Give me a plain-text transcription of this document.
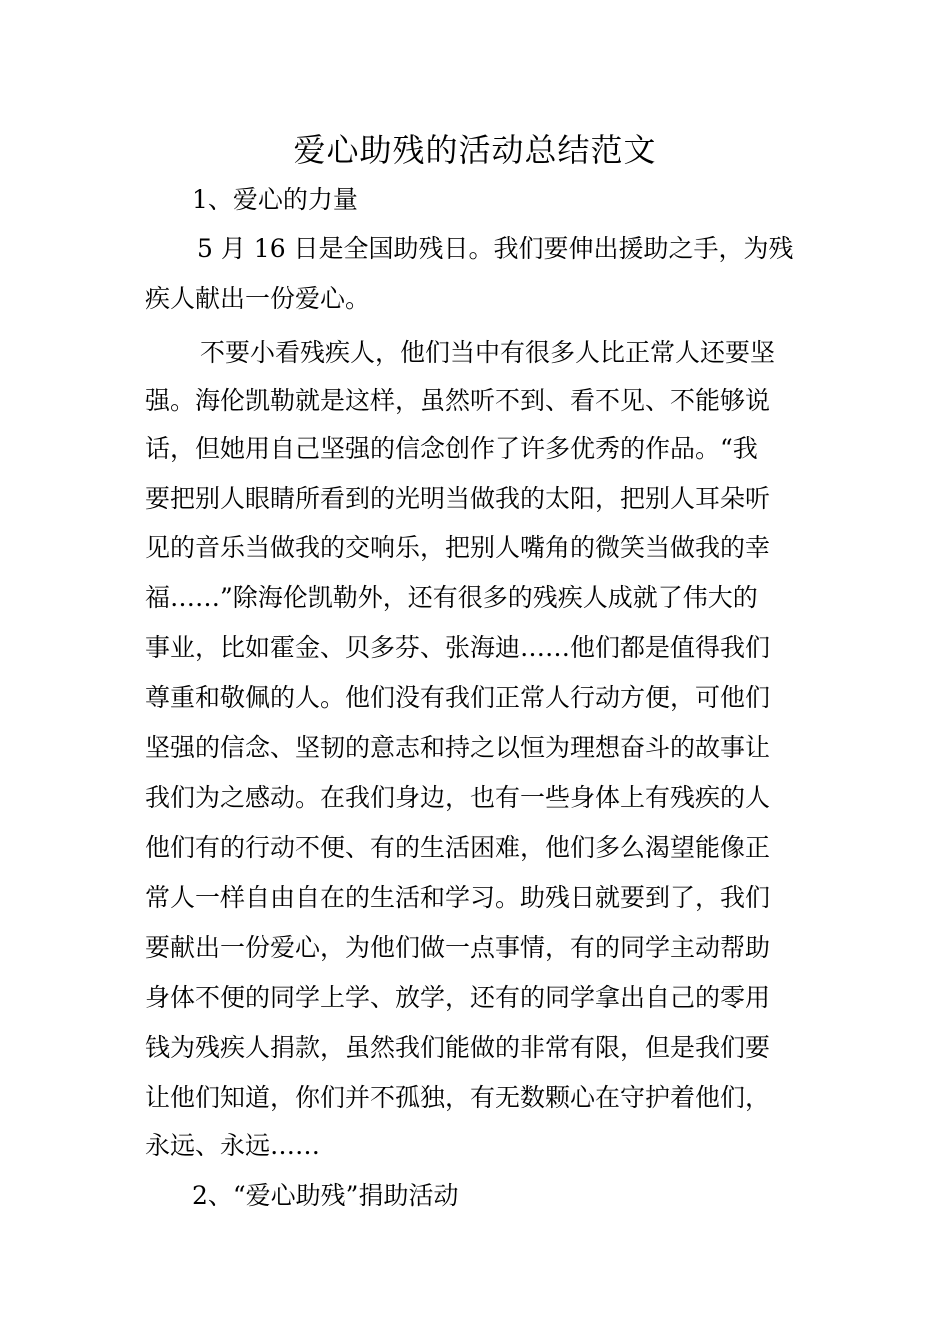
爱心助残的活动总结范文
1、爱心的力量
5 月 16 日是全国助残日。我们要伸出援助之手，为残
疾人献出一份爱心。
不要小看残疾人，他们当中有很多人比正常人还要坚
强。海伦凯勒就是这样，虽然听不到、看不见、不能够说
话，但她用自己坚强的信念创作了许多优秀的作品。“我
要把别人眼睛所看到的光明当做我的太阳，把别人耳朵听
见的音乐当做我的交响乐，把别人嘴角的微笑当做我的幸
福……”除海伦凯勒外，还有很多的残疾人成就了伟大的
事业，比如霍金、贝多芬、张海迪……他们都是值得我们
尊重和敬佩的人。他们没有我们正常人行动方便，可他们
坚强的信念、坚韧的意志和持之以恒为理想奋斗的故事让
我们为之感动。在我们身边，也有一些身体上有残疾的人
他们有的行动不便、有的生活困难，他们多么渴望能像正
常人一样自由自在的生活和学习。助残日就要到了，我们
要献出一份爱心，为他们做一点事情，有的同学主动帮助
身体不便的同学上学、放学，还有的同学拿出自己的零用
钱为残疾人捐款，虽然我们能做的非常有限，但是我们要
让他们知道，你们并不孤独，有无数颗心在守护着他们，
永远、永远……
2、“爱心助残”捐助活动
